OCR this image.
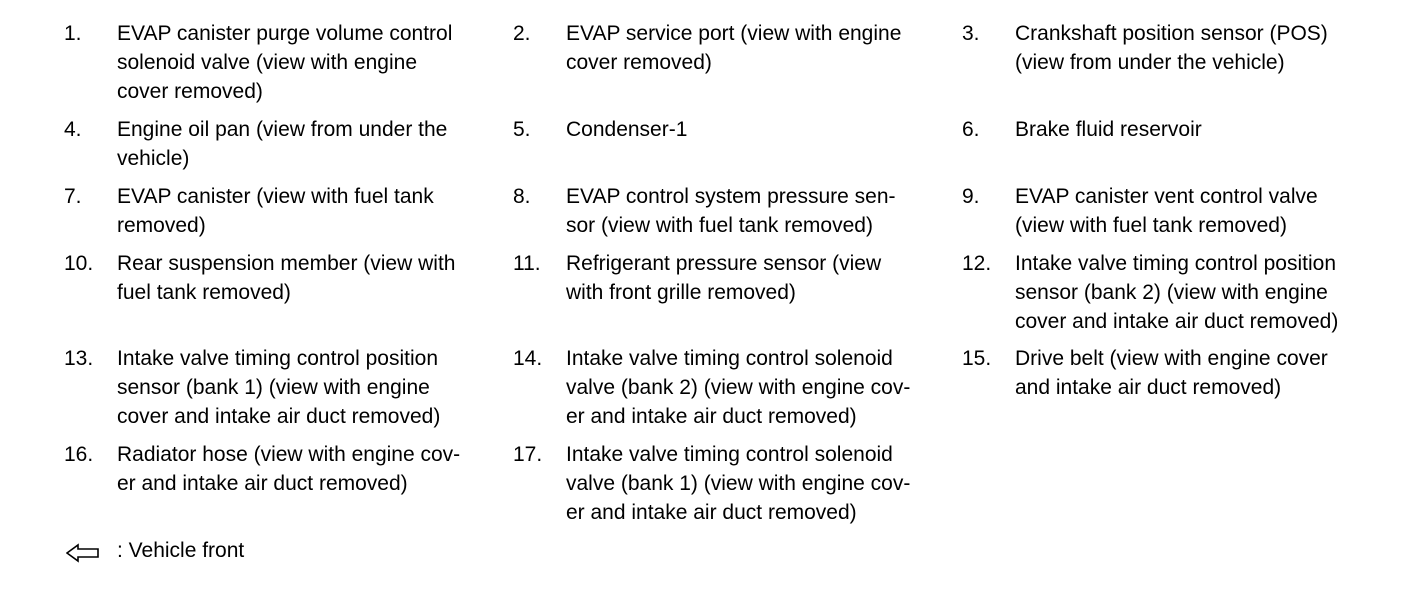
1. EVAP canister purge volume control
solenoid valve (view with engine
cover removed)
2. EVAP service port (view with engine
cover removed)
3. Crankshaft position sensor (POS)
(view from under the vehicle)
4. Engine oil pan (view from under the
vehicle)
5. Condenser-1	6. Brake fluid reservoir
7. EVAP canister (view with fuel tank
removed)
8. EVAP control system pressure sen-
sor (view with fuel tank removed)
9. EVAP canister vent control valve
(view with fuel tank removed)
10. Rear suspension member (view with
fuel tank removed)
11. Refrigerant pressure sensor (view
with front grille removed)
12. Intake valve timing control position
sensor (bank 2) (view with engine
cover and intake air duct removed)
13. Intake valve timing control position
sensor (bank 1) (view with engine
cover and intake air duct removed)
14. Intake valve timing control solenoid
valve (bank 2) (view with engine cov-
er and intake air duct removed)
15. Drive belt (view with engine cover
and intake air duct removed)
16. Radiator hose (view with engine cov-
er and intake air duct removed)
17. Intake valve timing control solenoid
valve (bank 1) (view with engine cov-
er and intake air duct removed)
: Vehicle front
